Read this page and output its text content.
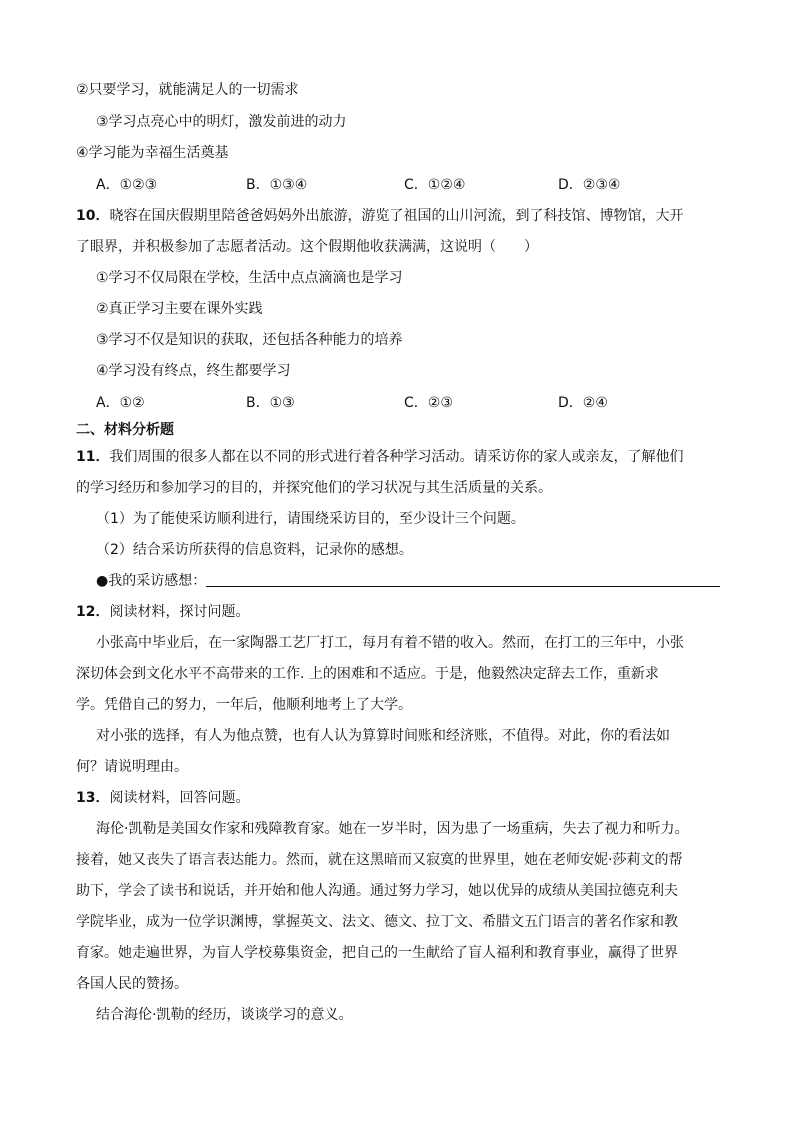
②只要学习，就能满足人的一切需求
③学习点亮心中的明灯，激发前进的动力
④学习能为幸福生活奠基
A．①②③	B．①③④	C．①②④	D．②③④
10．晓容在国庆假期里陪爸爸妈妈外出旅游，游览了祖国的山川河流，到了科技馆、博物馆，大开
了眼界，并积极参加了志愿者活动。这个假期他收获满满，这说明（　　）
①学习不仅局限在学校，生活中点点滴滴也是学习
②真正学习主要在课外实践
③学习不仅是知识的获取，还包括各种能力的培养
④学习没有终点，终生都要学习
A．①②	B．①③	C．②③	D．②④
二、材料分析题
11．我们周围的很多人都在以不同的形式进行着各种学习活动。请采访你的家人或亲友，了解他们
的学习经历和参加学习的目的，并探究他们的学习状况与其生活质量的关系。
（1）为了能使采访顺利进行，请围绕采访目的，至少设计三个问题。
（2）结合采访所获得的信息资料，记录你的感想。
●我的采访感想：
12．阅读材料，探讨问题。
小张高中毕业后，在一家陶器工艺厂打工，每月有着不错的收入。然而，在打工的三年中，小张
深切体会到文化水平不高带来的工作. 上的困难和不适应。于是，他毅然决定辞去工作，重新求
学。凭借自己的努力，一年后，他顺利地考上了大学。
对小张的选择，有人为他点赞，也有人认为算算时间账和经济账，不值得。对此，你的看法如
何？请说明理由。
13．阅读材料，回答问题。
海伦·凯勒是美国女作家和残障教育家。她在一岁半时，因为患了一场重病，失去了视力和听力。
接着，她又丧失了语言表达能力。然而，就在这黑暗而又寂寞的世界里，她在老师安妮·莎莉文的帮
助下，学会了读书和说话，并开始和他人沟通。通过努力学习，她以优异的成绩从美国拉德克利夫
学院毕业，成为一位学识渊博，掌握英文、法文、德文、拉丁文、希腊文五门语言的著名作家和教
育家。她走遍世界，为盲人学校募集资金，把自己的一生献给了盲人福利和教育事业，赢得了世界
各国人民的赞扬。
结合海伦·凯勒的经历，谈谈学习的意义。
